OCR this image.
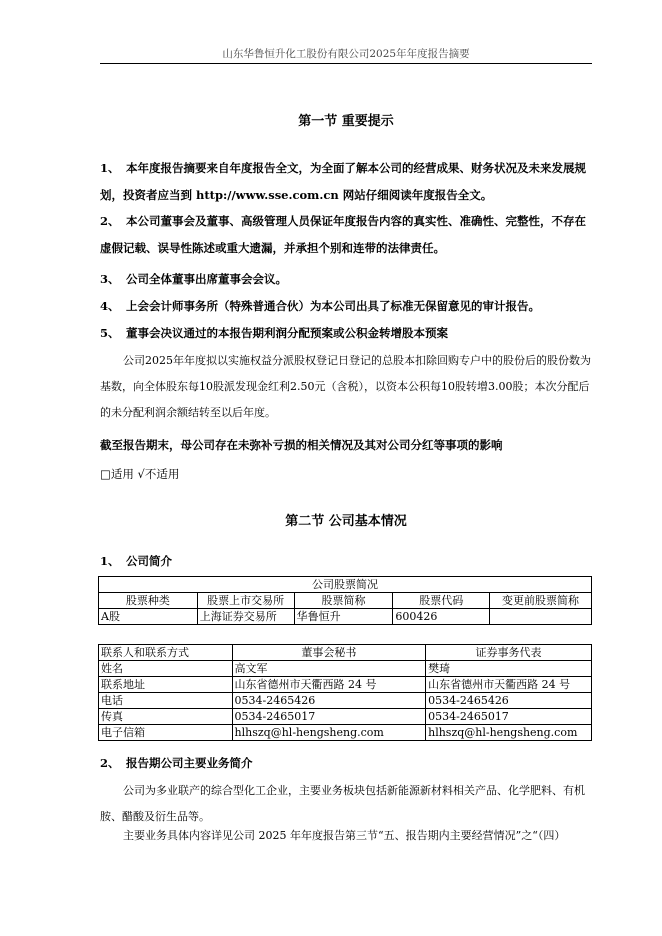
山东华鲁恒升化工股份有限公司2025年年度报告摘要
第一节 重要提示
1、 本年度报告摘要来自年度报告全文，为全面了解本公司的经营成果、财务状况及未来发展规
划，投资者应当到 http://www.sse.com.cn 网站仔细阅读年度报告全文。
2、 本公司董事会及董事、高级管理人员保证年度报告内容的真实性、准确性、完整性，不存在
虚假记载、误导性陈述或重大遗漏，并承担个别和连带的法律责任。
3、 公司全体董事出席董事会会议。
4、 上会会计师事务所（特殊普通合伙）为本公司出具了标准无保留意见的审计报告。
5、 董事会决议通过的本报告期利润分配预案或公积金转增股本预案
公司2025年年度拟以实施权益分派股权登记日登记的总股本扣除回购专户中的股份后的股份数为基数，向全体股东每10股派发现金红利2.50元（含税），以资本公积每10股转增3.00股；本次分配后的未分配利润余额结转至以后年度。
截至报告期末，母公司存在未弥补亏损的相关情况及其对公司分红等事项的影响
□适用 √不适用
第二节 公司基本情况
1、 公司简介
公司股票简况				
股票种类	股票上市交易所	股票简称	股票代码	变更前股票简称
A股	上海证券交易所	华鲁恒升	600426	
联系人和联系方式	董事会秘书	证券事务代表
姓名	高文军	樊琦
联系地址	山东省德州市天衢西路 24 号	山东省德州市天衢西路 24 号
电话	0534-2465426	0534-2465426
传真	0534-2465017	0534-2465017
电子信箱	hlhszq@hl-hengsheng.com	hlhszq@hl-hengsheng.com
2、 报告期公司主要业务简介
公司为多业联产的综合型化工企业，主要业务板块包括新能源新材料相关产品、化学肥料、有机胺、醋酸及衍生品等。
主要业务具体内容详见公司 2025 年年度报告第三节“五、报告期内主要经营情况”之“（四）
